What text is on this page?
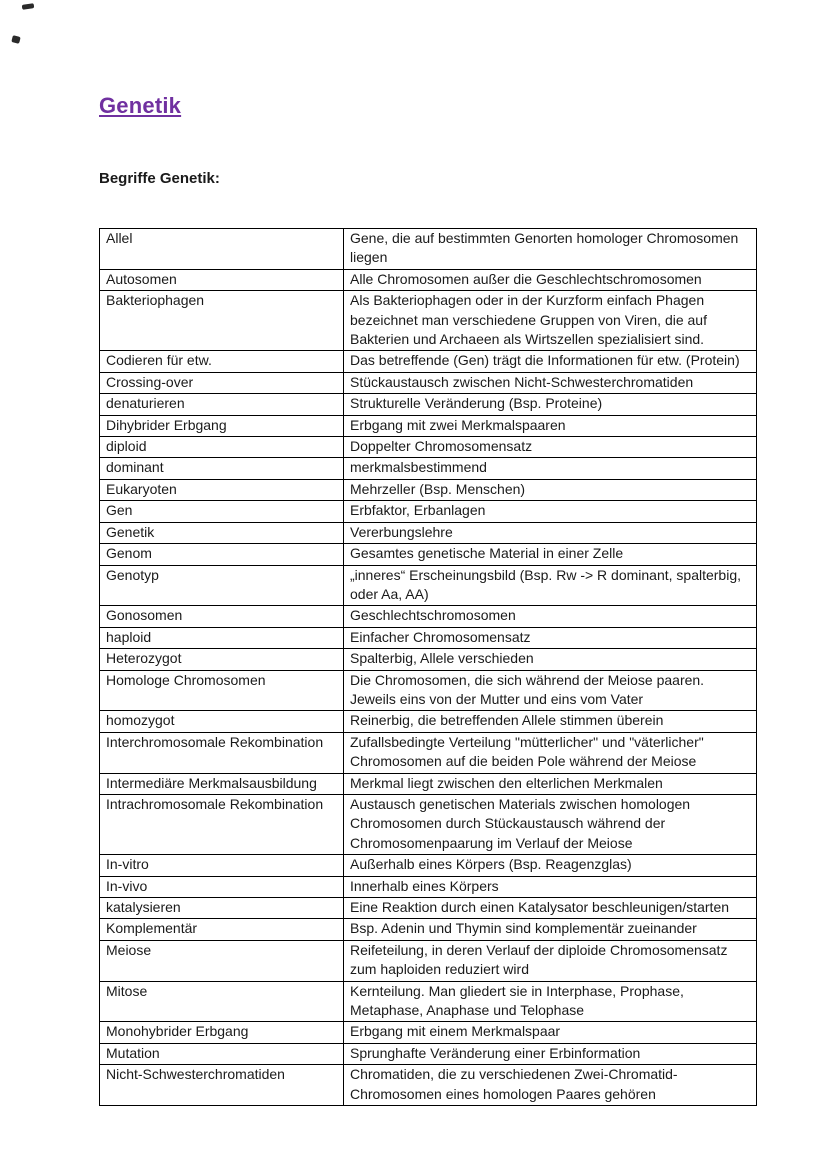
Genetik
Begriffe Genetik:
Allel	Gene, die auf bestimmten Genorten homologer Chromosomen liegen
Autosomen	Alle Chromosomen außer die Geschlechtschromosomen
Bakteriophagen	Als Bakteriophagen oder in der Kurzform einfach Phagen bezeichnet man verschiedene Gruppen von Viren, die auf Bakterien und Archaeen als Wirtszellen spezialisiert sind.
Codieren für etw.	Das betreffende (Gen) trägt die Informationen für etw. (Protein)
Crossing-over	Stückaustausch zwischen Nicht-Schwesterchromatiden
denaturieren	Strukturelle Veränderung (Bsp. Proteine)
Dihybrider Erbgang	Erbgang mit zwei Merkmalspaaren
diploid	Doppelter Chromosomensatz
dominant	merkmalsbestimmend
Eukaryoten	Mehrzeller (Bsp. Menschen)
Gen	Erbfaktor, Erbanlagen
Genetik	Vererbungslehre
Genom	Gesamtes genetische Material in einer Zelle
Genotyp	„inneres“ Erscheinungsbild (Bsp. Rw -> R dominant, spalterbig, oder Aa, AA)
Gonosomen	Geschlechtschromosomen
haploid	Einfacher Chromosomensatz
Heterozygot	Spalterbig, Allele verschieden
Homologe Chromosomen	Die Chromosomen, die sich während der Meiose paaren. Jeweils eins von der Mutter und eins vom Vater
homozygot	Reinerbig, die betreffenden Allele stimmen überein
Interchromosomale Rekombination	Zufallsbedingte Verteilung "mütterlicher" und "väterlicher" Chromosomen auf die beiden Pole während der Meiose
Intermediäre Merkmalsausbildung	Merkmal liegt zwischen den elterlichen Merkmalen
Intrachromosomale Rekombination	Austausch genetischen Materials zwischen homologen Chromosomen durch Stückaustausch während der Chromosomenpaarung im Verlauf der Meiose
In-vitro	Außerhalb eines Körpers (Bsp. Reagenzglas)
In-vivo	Innerhalb eines Körpers
katalysieren	Eine Reaktion durch einen Katalysator beschleunigen/starten
Komplementär	Bsp. Adenin und Thymin sind komplementär zueinander
Meiose	Reifeteilung, in deren Verlauf der diploide Chromosomensatz zum haploiden reduziert wird
Mitose	Kernteilung. Man gliedert sie in Interphase, Prophase, Metaphase, Anaphase und Telophase
Monohybrider Erbgang	Erbgang mit einem Merkmalspaar
Mutation	Sprunghafte Veränderung einer Erbinformation
Nicht-Schwesterchromatiden	Chromatiden, die zu verschiedenen Zwei-Chromatid-Chromosomen eines homologen Paares gehören
